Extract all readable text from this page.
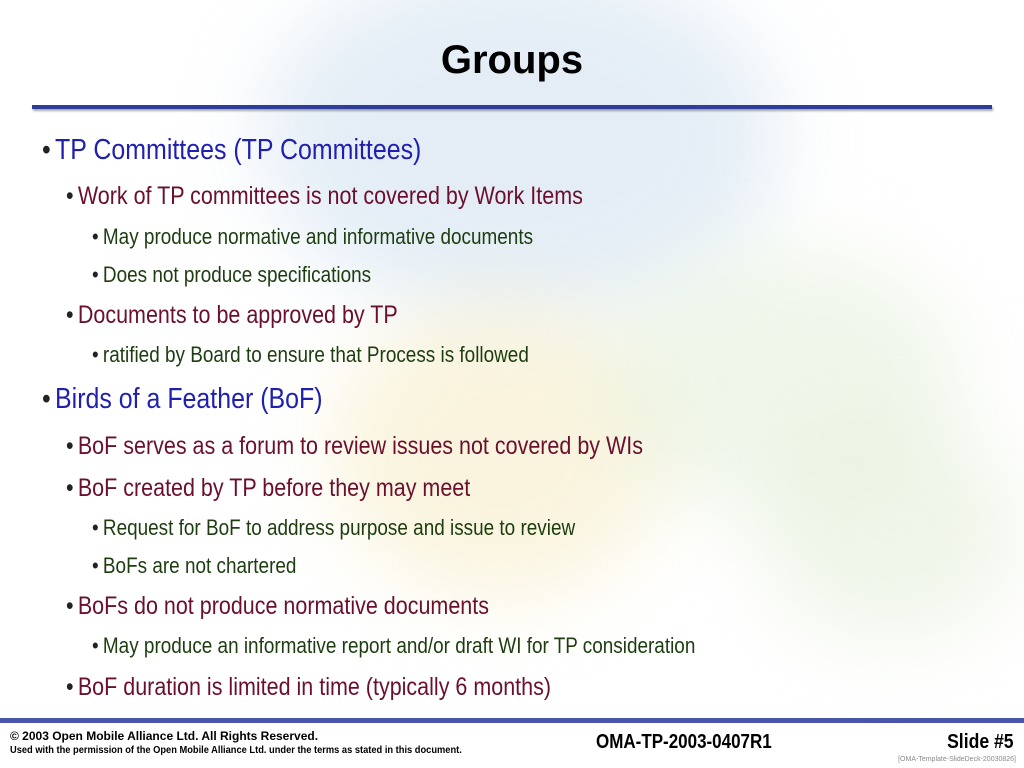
Groups
• TP Committees (TP Committees)
• Work of TP committees is not covered by Work Items
• May produce normative and informative documents
• Does not produce specifications
• Documents to be approved by TP
• ratified by Board to ensure that Process is followed
• Birds of a Feather (BoF)
• BoF serves as a forum to review issues not covered by WIs
• BoF created by TP before they may meet
• Request for BoF to address purpose and issue to review
• BoFs are not chartered
• BoFs do not produce normative documents
• May produce an informative report and/or draft WI for TP consideration
• BoF duration is limited in time (typically 6 months)
© 2003 Open Mobile Alliance Ltd. All Rights Reserved.
Used with the permission of the Open Mobile Alliance Ltd. under the terms as stated in this document.	OMA-TP-2003-0407R1	Slide #5
[OMA-Template-SlideDeck-20030826]
